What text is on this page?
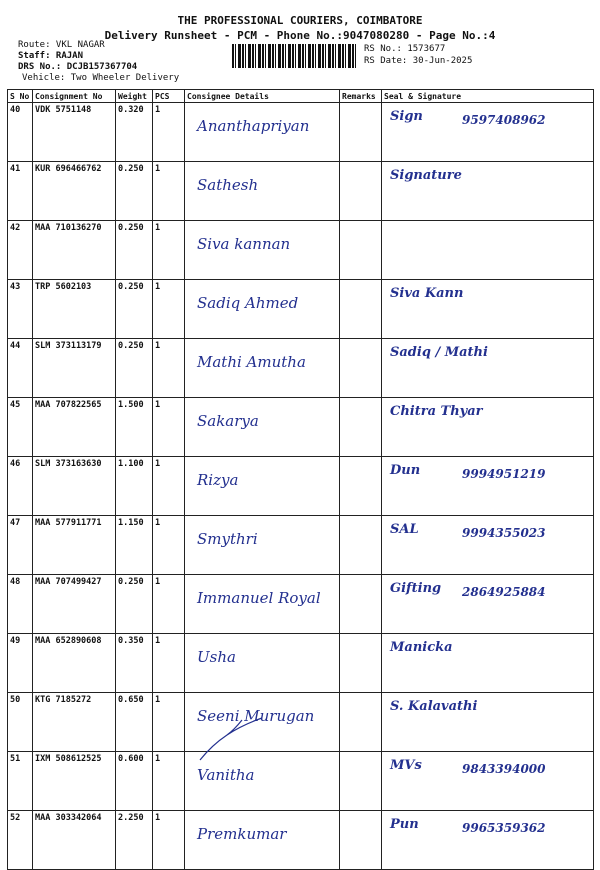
THE PROFESSIONAL COURIERS, COIMBATORE
Delivery Runsheet - PCM - Phone No.:9047080280 - Page No.:4
Route: VKL NAGAR
Staff: RAJAN
DRS No.: DCJB157367704
Vehicle: Two Wheeler Delivery
RS No.: 1573677
RS Date: 30-Jun-2025
S No	Consignment No	Weight	PCS	Consignee Details	Remarks	Seal & Signature
40	VDK 5751148	0.320	1	Ananthapriyan		Sign 9597408962

41	KUR 696466762	0.250	1	Sathesh		Signature

42	MAA 710136270	0.250	1	Siva kannan		

43	TRP 5602103	0.250	1	Sadiq Ahmed		Siva Kann

44	SLM 373113179	0.250	1	Mathi Amutha		Sadiq / Mathi

45	MAA 707822565	1.500	1	Sakarya		Chitra Thyar

46	SLM 373163630	1.100	1	Rizya		Dun 9994951219

47	MAA 577911771	1.150	1	Smythri		SAL 9994355023

48	MAA 707499427	0.250	1	Immanuel Royal		Gifting 2864925884

49	MAA 652890608	0.350	1	Usha		Manicka

50	KTG 7185272	0.650	1	Seeni Murugan		S. Kalavathi

51	IXM 508612525	0.600	1	Vanitha		MVs 9843394000

52	MAA 303342064	2.250	1	Premkumar		Pun 9965359362
